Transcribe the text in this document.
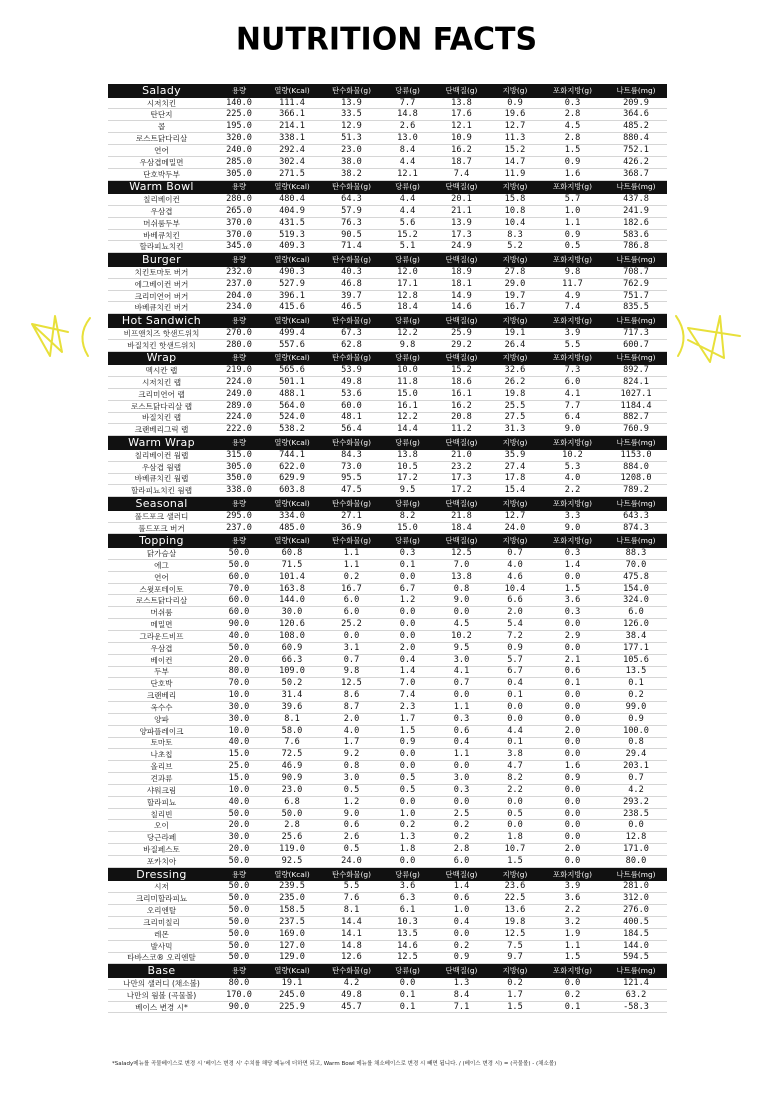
NUTRITION FACTS
Salady	용량	열량(Kcal)	탄수화물(g)	당류(g)	단백질(g)	지방(g)	포화지방(g)	나트륨(mg)
시저치킨	140.0	111.4	13.9	7.7	13.8	0.9	0.3	209.9
탄단지	225.0	366.1	33.5	14.8	17.6	19.6	2.8	364.6
콥	195.0	214.1	12.9	2.6	12.1	12.7	4.5	485.2
로스트닭다리살	320.0	338.1	51.3	13.0	10.9	11.3	2.8	880.4
연어	240.0	292.4	23.0	8.4	16.2	15.2	1.5	752.1
우삼겹메밀면	285.0	302.4	38.0	4.4	18.7	14.7	0.9	426.2
단호박두부	305.0	271.5	38.2	12.1	7.4	11.9	1.6	368.7
Warm Bowl	용량	열량(Kcal)	탄수화물(g)	당류(g)	단백질(g)	지방(g)	포화지방(g)	나트륨(mg)
칠리베이컨	280.0	480.4	64.3	4.4	20.1	15.8	5.7	437.8
우삼겹	265.0	404.9	57.9	4.4	21.1	10.8	1.0	241.9
머쉬룸두부	370.0	431.5	76.3	5.6	13.9	10.4	1.1	182.6
바베큐치킨	370.0	519.3	90.5	15.2	17.3	8.3	0.9	583.6
할라피뇨치킨	345.0	409.3	71.4	5.1	24.9	5.2	0.5	786.8
Burger	용량	열량(Kcal)	탄수화물(g)	당류(g)	단백질(g)	지방(g)	포화지방(g)	나트륨(mg)
치킨토마토 버거	232.0	490.3	40.3	12.0	18.9	27.8	9.8	708.7
에그베이컨 버거	237.0	527.9	46.8	17.1	18.1	29.0	11.7	762.9
크리미연어 버거	204.0	396.1	39.7	12.8	14.9	19.7	4.9	751.7
바베큐치킨 버거	234.0	415.6	46.5	18.4	14.6	16.7	7.4	835.5
Hot Sandwich	용량	열량(Kcal)	탄수화물(g)	당류(g)	단백질(g)	지방(g)	포화지방(g)	나트륨(mg)
비프앤치즈 핫샌드위치	270.0	499.4	67.3	12.2	25.9	19.1	3.9	717.3
바질치킨 핫샌드위치	280.0	557.6	62.8	9.8	29.2	26.4	5.5	600.7
Wrap	용량	열량(Kcal)	탄수화물(g)	당류(g)	단백질(g)	지방(g)	포화지방(g)	나트륨(mg)
멕시칸 랩	219.0	565.6	53.9	10.0	15.2	32.6	7.3	892.7
시저치킨 랩	224.0	501.1	49.8	11.8	18.6	26.2	6.0	824.1
크리미연어 랩	249.0	488.1	53.6	15.0	16.1	19.8	4.1	1027.1
로스트닭다리살 랩	289.0	564.0	60.0	16.1	16.2	25.5	7.7	1184.4
바질치킨 랩	224.0	524.0	48.1	12.2	20.8	27.5	6.4	882.7
크랜베리그릭 랩	222.0	538.2	56.4	14.4	11.2	31.3	9.0	760.9
Warm Wrap	용량	열량(Kcal)	탄수화물(g)	당류(g)	단백질(g)	지방(g)	포화지방(g)	나트륨(mg)
칠리베이컨 웜랩	315.0	744.1	84.3	13.8	21.0	35.9	10.2	1153.0
우삼겹 웜랩	305.0	622.0	73.0	10.5	23.2	27.4	5.3	884.0
바베큐치킨 웜랩	350.0	629.9	95.5	17.2	17.3	17.8	4.0	1208.0
할라피뇨치킨 웜랩	338.0	603.8	47.5	9.5	17.2	15.4	2.2	789.2
Seasonal	용량	열량(Kcal)	탄수화물(g)	당류(g)	단백질(g)	지방(g)	포화지방(g)	나트륨(mg)
풀드포크 샐러디	295.0	334.0	27.1	8.2	21.8	12.7	3.3	643.3
풀드포크 버거	237.0	485.0	36.9	15.0	18.4	24.0	9.0	874.3
Topping	용량	열량(Kcal)	탄수화물(g)	당류(g)	단백질(g)	지방(g)	포화지방(g)	나트륨(mg)
닭가슴살	50.0	60.8	1.1	0.3	12.5	0.7	0.3	88.3
에그	50.0	71.5	1.1	0.1	7.0	4.0	1.4	70.0
연어	60.0	101.4	0.2	0.0	13.8	4.6	0.0	475.8
스윗포테이토	70.0	163.8	16.7	6.7	0.8	10.4	1.5	154.0
로스트닭다리살	60.0	144.0	6.0	1.2	9.0	6.6	3.6	324.0
머쉬룸	60.0	30.0	6.0	0.0	0.0	2.0	0.3	6.0
메밀면	90.0	120.6	25.2	0.0	4.5	5.4	0.0	126.0
그라운드비프	40.0	108.0	0.0	0.0	10.2	7.2	2.9	38.4
우삼겹	50.0	60.9	3.1	2.0	9.5	0.9	0.0	177.1
베이컨	20.0	66.3	0.7	0.4	3.0	5.7	2.1	105.6
두부	80.0	109.0	9.8	1.4	4.1	6.7	0.6	13.5
단호박	70.0	50.2	12.5	7.0	0.7	0.4	0.1	0.1
크랜베리	10.0	31.4	8.6	7.4	0.0	0.1	0.0	0.2
옥수수	30.0	39.6	8.7	2.3	1.1	0.0	0.0	99.0
양파	30.0	8.1	2.0	1.7	0.3	0.0	0.0	0.9
양파플레이크	10.0	58.0	4.0	1.5	0.6	4.4	2.0	100.0
토마토	40.0	7.6	1.7	0.9	0.4	0.1	0.0	0.8
나초칩	15.0	72.5	9.2	0.0	1.1	3.8	0.0	29.4
올리브	25.0	46.9	0.8	0.0	0.0	4.7	1.6	203.1
견과류	15.0	90.9	3.0	0.5	3.0	8.2	0.9	0.7
샤워크림	10.0	23.0	0.5	0.5	0.3	2.2	0.0	4.2
할라피뇨	40.0	6.8	1.2	0.0	0.0	0.0	0.0	293.2
칠리빈	50.0	50.0	9.0	1.0	2.5	0.5	0.0	238.5
오이	20.0	2.8	0.6	0.2	0.2	0.0	0.0	0.0
당근라페	30.0	25.6	2.6	1.3	0.2	1.8	0.0	12.8
바질페스토	20.0	119.0	0.5	1.8	2.8	10.7	2.0	171.0
포카치아	50.0	92.5	24.0	0.0	6.0	1.5	0.0	80.0
Dressing	용량	열량(Kcal)	탄수화물(g)	당류(g)	단백질(g)	지방(g)	포화지방(g)	나트륨(mg)
시저	50.0	239.5	5.5	3.6	1.4	23.6	3.9	281.0
크리미할라피뇨	50.0	235.0	7.6	6.3	0.6	22.5	3.6	312.0
오리엔탈	50.0	158.5	8.1	6.1	1.0	13.6	2.2	276.0
크리미칠리	50.0	237.5	14.4	10.3	0.4	19.8	3.2	400.5
레몬	50.0	169.0	14.1	13.5	0.0	12.5	1.9	184.5
발사믹	50.0	127.0	14.8	14.6	0.2	7.5	1.1	144.0
타바스코® 오리엔탈	50.0	129.0	12.6	12.5	0.9	9.7	1.5	594.5
Base	용량	열량(Kcal)	탄수화물(g)	당류(g)	단백질(g)	지방(g)	포화지방(g)	나트륨(mg)
나만의 샐러디 (채소볼)	80.0	19.1	4.2	0.0	1.3	0.2	0.0	121.4
나만의 웜볼 (곡물볼)	170.0	245.0	49.8	0.1	8.4	1.7	0.2	63.2
베이스 변경 시*	90.0	225.9	45.7	0.1	7.1	1.5	0.1	-58.3
*Salady메뉴를 곡물베이스로 변경 시 '베이스 변경 시' 수치를 해당 메뉴에 더하면 되고, Warm Bowl 메뉴를 채소베이스로 변경 시 빼면 됩니다. / (베이스 변경 시) = (곡물볼) - (채소볼)
